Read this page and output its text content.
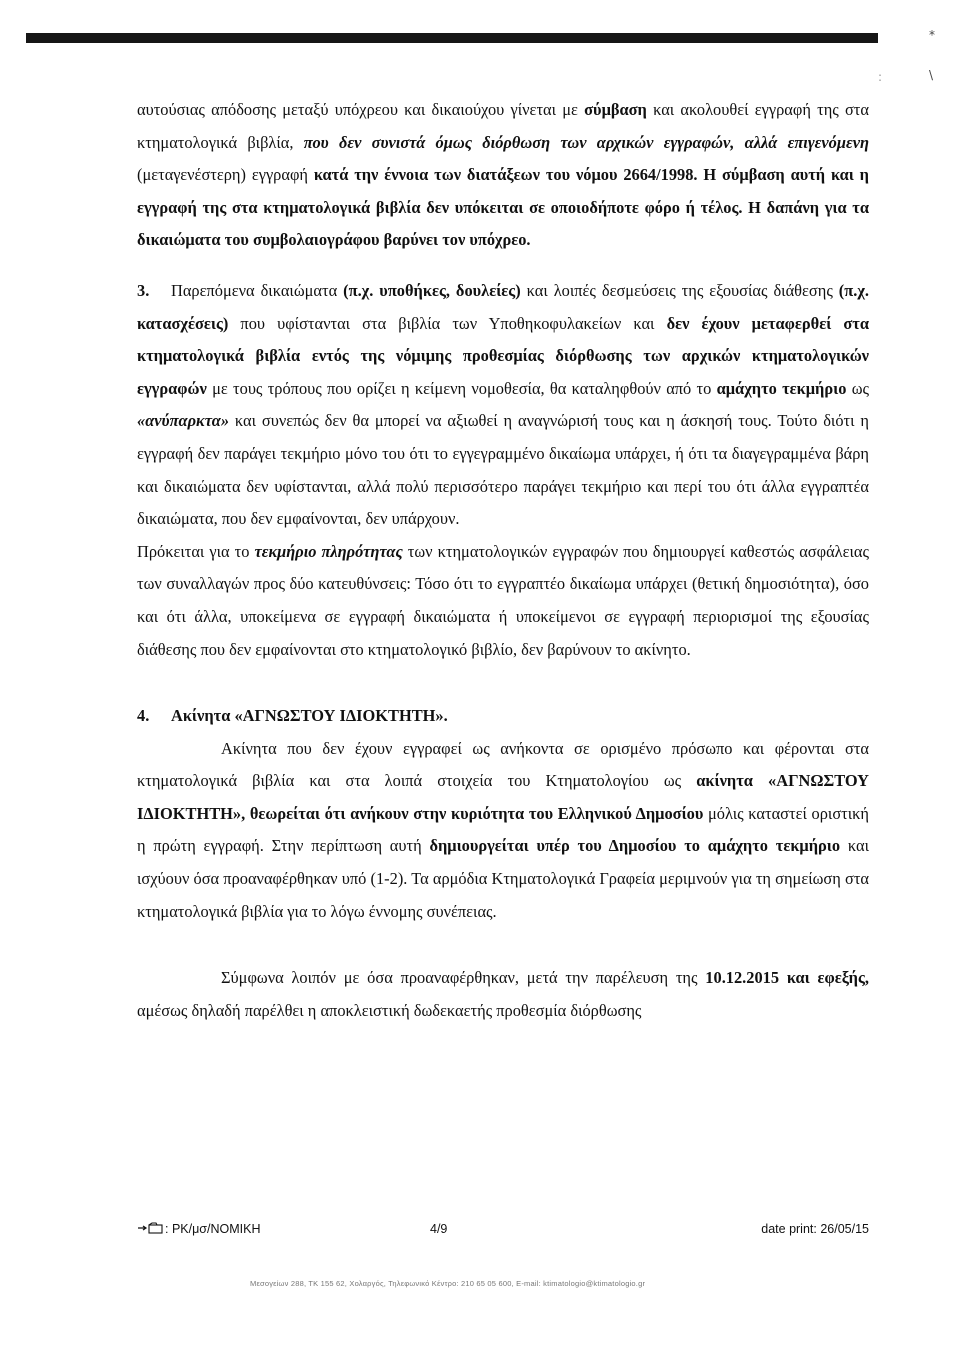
*
\
:

αυτούσιας απόδοσης μεταξύ υπόχρεου και δικαιούχου γίνεται με σύμβαση και ακολουθεί εγγραφή της στα κτηματολογικά βιβλία, που δεν συνιστά όμως διόρθωση των αρχικών εγγραφών, αλλά επιγενόμενη (μεταγενέστερη) εγγραφή κατά την έννοια των διατάξεων του νόμου 2664/1998. Η σύμβαση αυτή και η εγγραφή της στα κτηματολογικά βιβλία δεν υπόκειται σε οποιοδήποτε φόρο ή τέλος. Η δαπάνη για τα δικαιώματα του συμβολαιογράφου βαρύνει τον υπόχρεο.

3. Παρεπόμενα δικαιώματα (π.χ. υποθήκες, δουλείες) και λοιπές δεσμεύσεις της εξουσίας διάθεσης (π.χ. κατασχέσεις) που υφίστανται στα βιβλία των Υποθηκοφυλακείων και δεν έχουν μεταφερθεί στα κτηματολογικά βιβλία εντός της νόμιμης προθεσμίας διόρθωσης των αρχικών κτηματολογικών εγγραφών με τους τρόπους που ορίζει η κείμενη νομοθεσία, θα καταληφθούν από το αμάχητο τεκμήριο ως «ανύπαρκτα» και συνεπώς δεν θα μπορεί να αξιωθεί η αναγνώρισή τους και η άσκησή τους. Τούτο διότι η εγγραφή δεν παράγει τεκμήριο μόνο του ότι το εγγεγραμμένο δικαίωμα υπάρχει, ή ότι τα διαγεγραμμένα βάρη και δικαιώματα δεν υφίστανται, αλλά πολύ περισσότερο παράγει τεκμήριο και περί του ότι άλλα εγγραπτέα δικαιώματα, που δεν εμφαίνονται, δεν υπάρχουν.

Πρόκειται για το τεκμήριο πληρότητας των κτηματολογικών εγγραφών που δημιουργεί καθεστώς ασφάλειας των συναλλαγών προς δύο κατευθύνσεις: Τόσο ότι το εγγραπτέο δικαίωμα υπάρχει (θετική δημοσιότητα), όσο και ότι άλλα, υποκείμενα σε εγγραφή δικαιώματα ή υποκείμενοι σε εγγραφή περιορισμοί της εξουσίας διάθεσης που δεν εμφαίνονται στο κτηματολογικό βιβλίο, δεν βαρύνουν το ακίνητο.

4. Ακίνητα «ΑΓΝΩΣΤΟΥ ΙΔΙΟΚΤΗΤΗ».

Ακίνητα που δεν έχουν εγγραφεί ως ανήκοντα σε ορισμένο πρόσωπο και φέρονται στα κτηματολογικά βιβλία και στα λοιπά στοιχεία του Κτηματολογίου ως ακίνητα «ΑΓΝΩΣΤΟΥ ΙΔΙΟΚΤΗΤΗ», θεωρείται ότι ανήκουν στην κυριότητα του Ελληνικού Δημοσίου μόλις καταστεί οριστική η πρώτη εγγραφή. Στην περίπτωση αυτή δημιουργείται υπέρ του Δημοσίου το αμάχητο τεκμήριο και ισχύουν όσα προαναφέρθηκαν υπό (1-2). Τα αρμόδια Κτηματολογικά Γραφεία μεριμνούν για τη σημείωση στα κτηματολογικά βιβλία για το λόγω έννομης συνέπειας.

Σύμφωνα λοιπόν με όσα προαναφέρθηκαν, μετά την παρέλευση της 10.12.2015 και εφεξής, αμέσως δηλαδή παρέλθει η αποκλειστική δωδεκαετής προθεσμία διόρθωσης

: ΡΚ/μσ/ΝΟΜΙΚΗ	4/9	date print: 26/05/15
Μεσογείων 288, ΤΚ 155 62, Χολαργός, Τηλεφωνικό Κέντρο: 210 65 05 600, E-mail: ktimatologio@ktimatologio.gr
